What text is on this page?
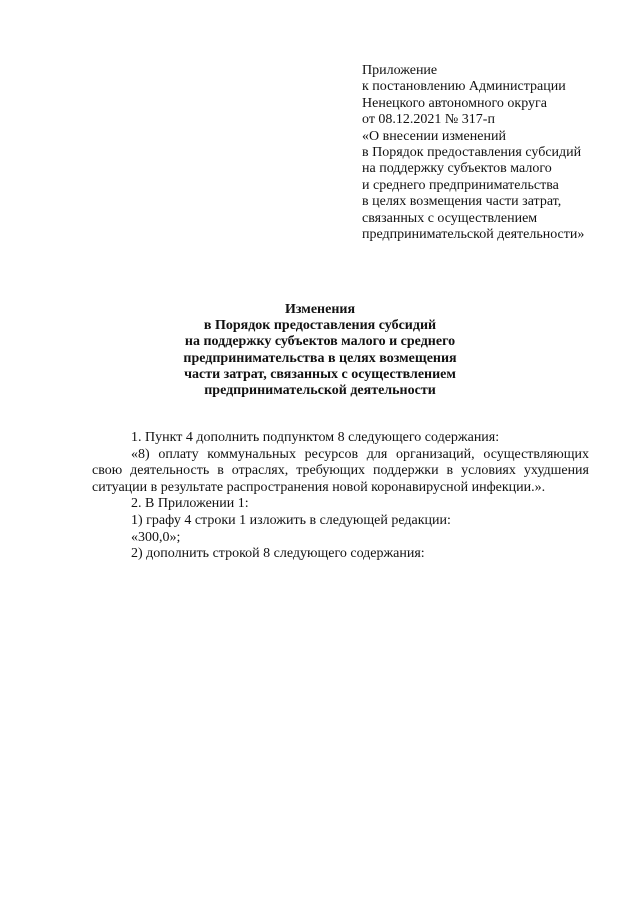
Приложение
к постановлению Администрации
Ненецкого автономного округа
от 08.12.2021 № 317-п
«О внесении изменений
в Порядок предоставления субсидий
на поддержку субъектов малого
и среднего предпринимательства
в целях возмещения части затрат,
связанных с осуществлением
предпринимательской деятельности»
Изменения
в Порядок предоставления субсидий
на поддержку субъектов малого и среднего
предпринимательства в целях возмещения
части затрат, связанных с осуществлением
предпринимательской деятельности
1. Пункт 4 дополнить подпунктом 8 следующего содержания:
«8) оплату коммунальных ресурсов для организаций, осуществляющих свою деятельность в отраслях, требующих поддержки в условиях ухудшения ситуации в результате распространения новой коронавирусной инфекции.».
2. В Приложении 1:
1) графу 4 строки 1 изложить в следующей редакции:
«300,0»;
2) дополнить строкой 8 следующего содержания:
